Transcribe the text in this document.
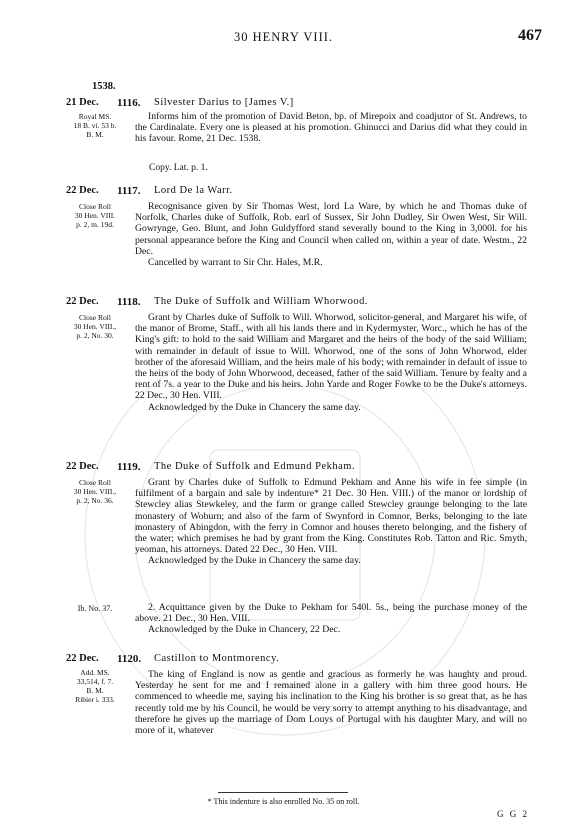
30 HENRY VIII.	467
1538.
21 Dec.
Royal MS.
18 B. vi. 53 b.
B. M.
1116. Silvester Darius to [James V.]

Informs him of the promotion of David Beton, bp. of Mirepoix and coadjutor of St. Andrews, to the Cardinalate. Every one is pleased at his promotion. Ghinucci and Darius did what they could in his favour. Rome, 21 Dec. 1538.

Copy. Lat. p. 1.
22 Dec.
Close Roll
30 Hen. VIII.
p. 2, m. 19d.
1117. Lord De la Warr.

Recognisance given by Sir Thomas West, lord La Ware, by which he and Thomas duke of Norfolk, Charles duke of Suffolk, Rob. earl of Sussex, Sir John Dudley, Sir Owen West, Sir Will. Gowrynge, Geo. Blunt, and John Guldyfford stand severally bound to the King in 3,000l. for his personal appearance before the King and Council when called on, within a year of date. Westm., 22 Dec.

Cancelled by warrant to Sir Chr. Hales, M.R.

22 Dec.
Close Roll
30 Hen. VIII.,
p. 2, No. 30.
1118. The Duke of Suffolk and William Whorwood.

Grant by Charles duke of Suffolk to Will. Whorwod, solicitor-general, and Margaret his wife, of the manor of Brome, Staff., with all his lands there and in Kydermyster, Worc., which he has of the King's gift: to hold to the said William and Margaret and the heirs of the body of the said William; with remainder in default of issue to Will. Whorwod, one of the sons of John Whorwod, elder brother of the aforesaid William, and the heirs male of his body; with remainder in default of issue to the heirs of the body of John Whorwood, deceased, father of the said William. Tenure by fealty and a rent of 7s. a year to the Duke and his heirs. John Yarde and Roger Fowke to be the Duke's attorneys. 22 Dec., 30 Hen. VIII.

Acknowledged by the Duke in Chancery the same day.

22 Dec.
Close Roll
30 Hen. VIII.,
p. 2, No. 36.
1119. The Duke of Suffolk and Edmund Pekham.

Grant by Charles duke of Suffolk to Edmund Pekham and Anne his wife in fee simple (in fulfilment of a bargain and sale by indenture* 21 Dec. 30 Hen. VIII.) of the manor or lordship of Stewcley alias Stewkeley, and the farm or grange called Stewcley graunge belonging to the late monastery of Woburn; and also of the farm of Swynford in Comnor, Berks, belonging to the late monastery of Abingdon, with the ferry in Comnor and houses thereto belonging, and the fishery of the water; which premises he had by grant from the King. Constitutes Rob. Tatton and Ric. Smyth, yeoman, his attorneys. Dated 22 Dec., 30 Hen. VIII.

Acknowledged by the Duke in Chancery the same day.

Ib. No. 37.	2. Acquittance given by the Duke to Pekham for 540l. 5s., being the purchase money of the above. 21 Dec., 30 Hen. VIII.

Acknowledged by the Duke in Chancery, 22 Dec.

22 Dec.
Add. MS.
33,514, f. 7.
B. M.
Ribier i. 333.
1120. Castillon to Montmorency.

The king of England is now as gentle and gracious as formerly he was haughty and proud. Yesterday he sent for me and I remained alone in a gallery with him three good hours. He commenced to wheedle me, saying his inclination to the King his brother is so great that, as he has recently told me by his Council, he would be very sorry to attempt anything to his disadvantage, and therefore he gives up the marriage of Dom Louys of Portugal with his daughter Mary, and will no more of it, whatever

* This indenture is also enrolled No. 35 on roll.
G G 2
